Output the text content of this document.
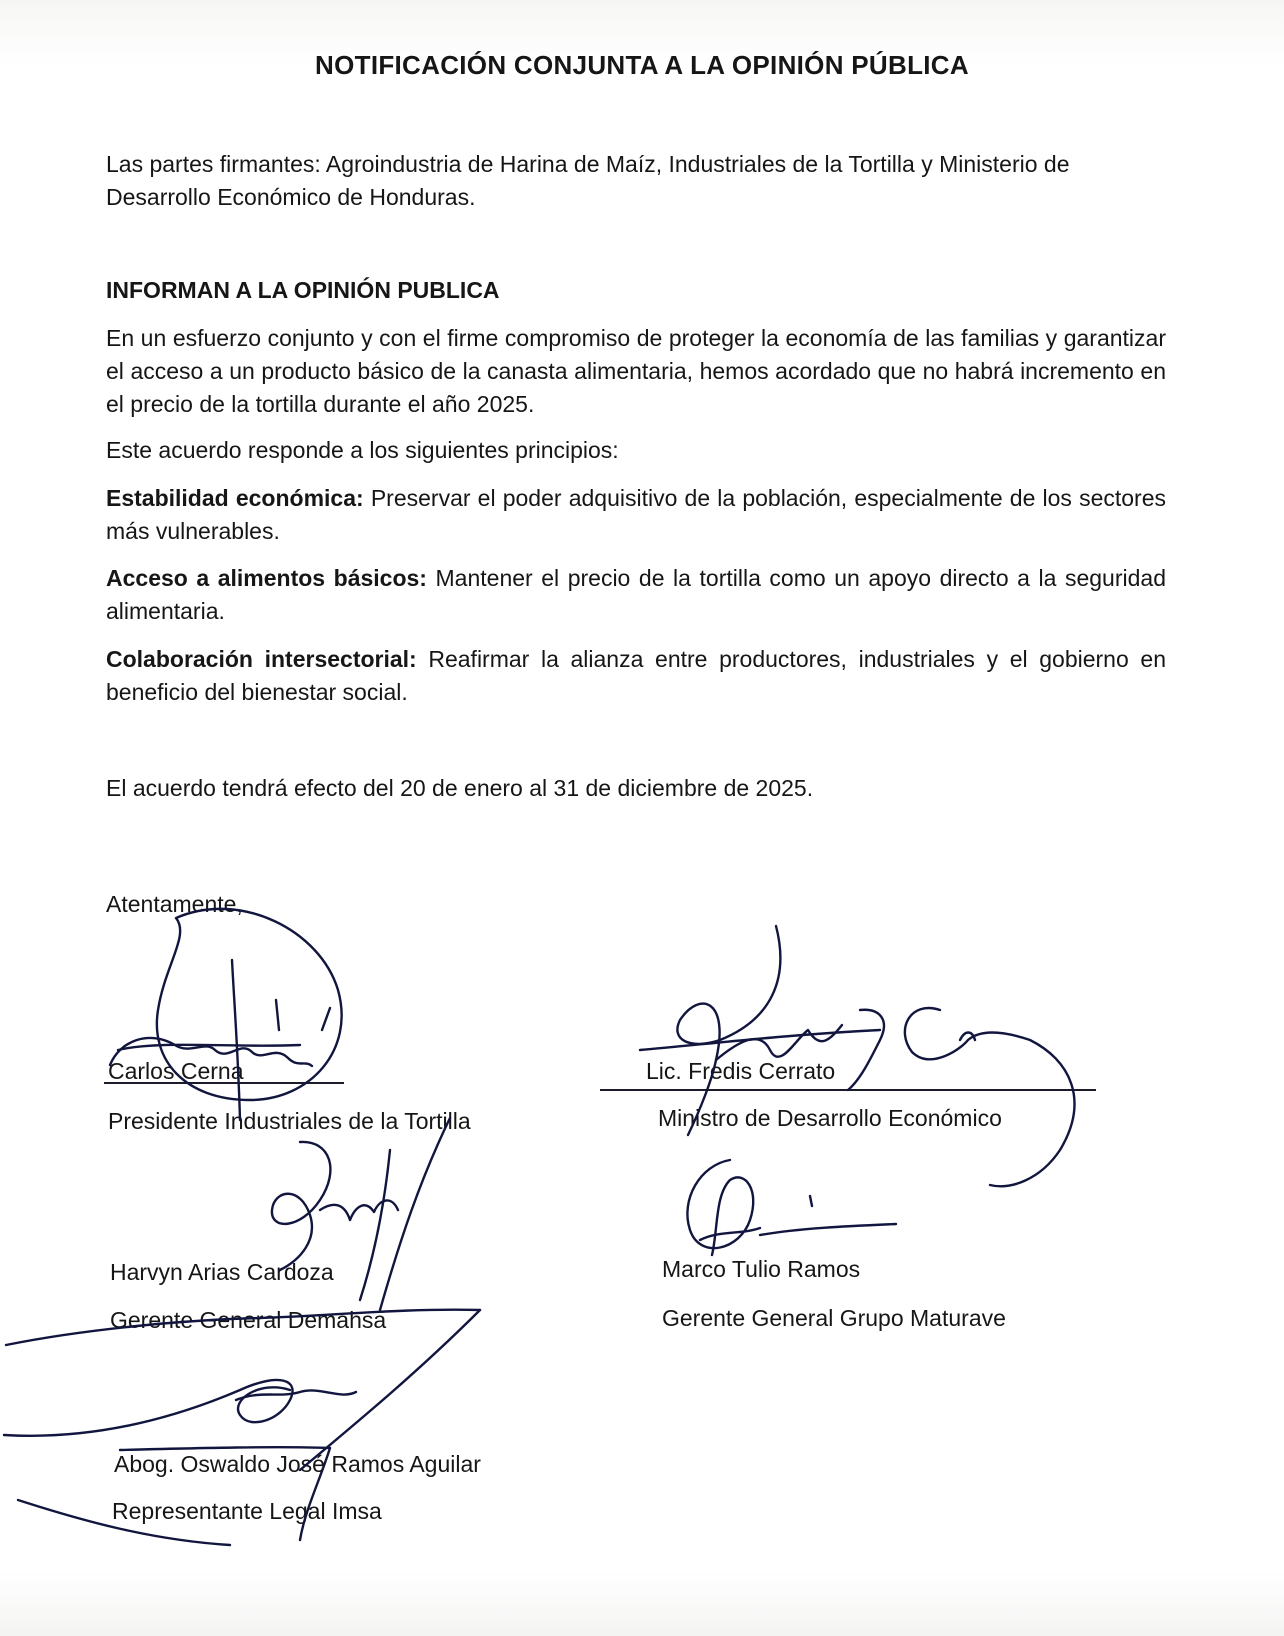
NOTIFICACIÓN CONJUNTA A LA OPINIÓN PÚBLICA

Las partes firmantes: Agroindustria de Harina de Maíz, Industriales de la Tortilla y Ministerio de Desarrollo Económico de Honduras.

INFORMAN A LA OPINIÓN PUBLICA

En un esfuerzo conjunto y con el firme compromiso de proteger la economía de las familias y garantizar el acceso a un producto básico de la canasta alimentaria, hemos acordado que no habrá incremento en el precio de la tortilla durante el año 2025.

Este acuerdo responde a los siguientes principios:

Estabilidad económica: Preservar el poder adquisitivo de la población, especialmente de los sectores más vulnerables.

Acceso a alimentos básicos: Mantener el precio de la tortilla como un apoyo directo a la seguridad alimentaria.

Colaboración intersectorial: Reafirmar la alianza entre productores, industriales y el gobierno en beneficio del bienestar social.

El acuerdo tendrá efecto del 20 de enero al 31 de diciembre de 2025.

Atentamente,
Carlos Cerna
Presidente Industriales de la Tortilla
Lic. Fredis Cerrato
Ministro de Desarrollo Económico
Harvyn Arias Cardoza
Gerente General Demahsa
Marco Tulio Ramos
Gerente General Grupo Maturave
Abog. Oswaldo José Ramos Aguilar
Representante Legal Imsa
